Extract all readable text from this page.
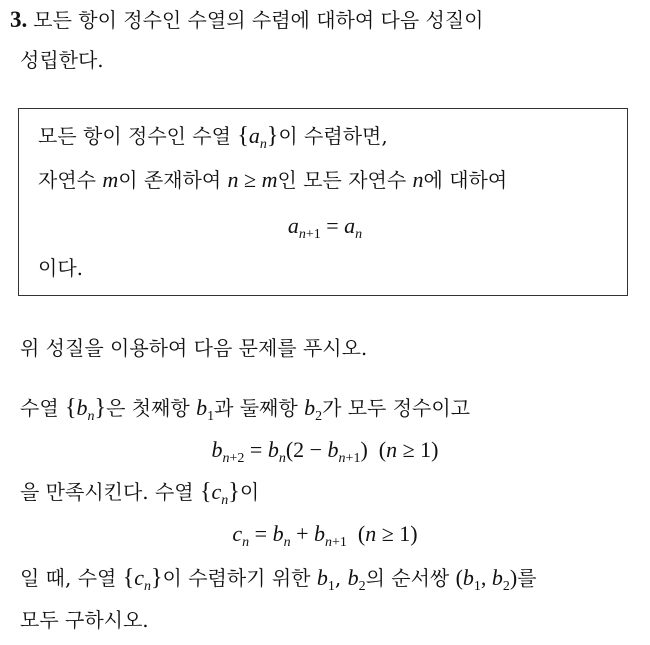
3. 모든 항이 정수인 수열의 수렴에 대하여 다음 성질이
성립한다.
모든 항이 정수인 수열 $\{a_n\}$이 수렴하면,
자연수 m이 존재하여 n ≥ m인 모든 자연수 n에 대하여
$a_{n+1} = a_n$
이다.
위 성질을 이용하여 다음 문제를 푸시오.
수열 $\{b_n\}$은 첫째항 $b_1$과 둘째항 $b_2$가 모두 정수이고
$b_{n+2} = b_n(2 - b_{n+1}) (n \ge 1)$
을 만족시킨다. 수열 $\{c_n\}$이
$c_n = b_n + b_{n+1}$  (n ≥ 1)
일 때, 수열 $\{c_n\}$이 수렴하기 위한 $b_1$, $b_2$의 순서쌍 ($b_1$, $b_2$)를
모두 구하시오.
